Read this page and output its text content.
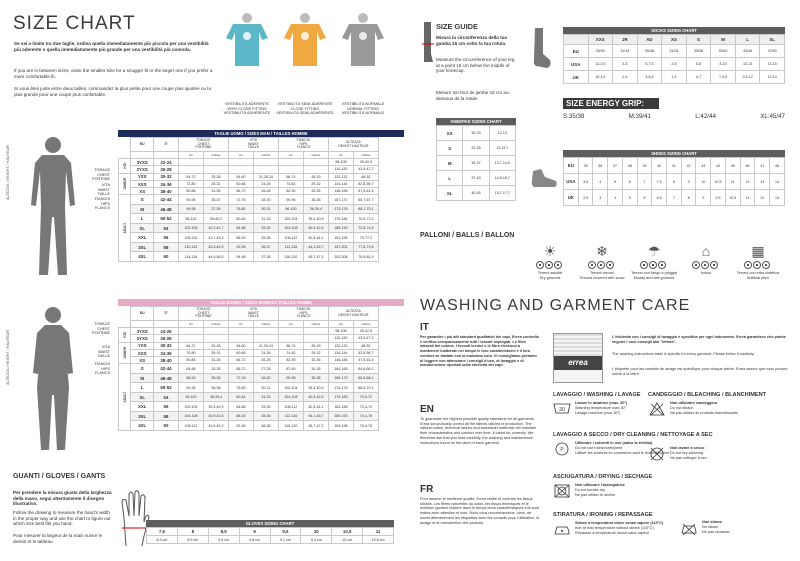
SIZE CHART
Se sei a limite tra due taglie, ordina quella immediatamente più piccola per una vestibilità più aderente o quella immediatamente più grande per una vestibilità più comoda.
If you are in between sizes, order the smaller size for a snugger fit or the larger one if you prefer a more comfortable fit.
Si vous êtes juste entre deux tailles, commandez la plus petite pour une coupe plus ajustée ou la plus grande pour une coupe plus confortable.
VESTIBILITÀ ADERENTE
VERY CLOSE FITTING
VESTIBILITÀ ADHÉRENTE
VESTIBILITÀ SEMI-ADERENTE
CLOSE FITTING
VESTIBILITÀ SEMI-ADHÉRENTE
VESTIBILITÀ NORMALE
NORMAL FITTING
VESTIBILITÀ NORMALE
ALTEZZA / HEIGHT / HAUTEUR
ALTEZZA / HEIGHT / HAUTEUR
TORACE
CHEST
POITRINE
VITA
WAIST
TAILLE
FIANCHI
HIPS
FLANCS
TORACE
CHEST
POITRINE
VITA
WAIST
TAILLE
FIANCHI
HIPS
FLANCS
TAGLIE UOMO / SIZES MAN / TAILLES HOMME
	EU	IT	TORACE
CHEST
POITRINE		VITA
WAIST
TAILLE		FIANCHI
HIPS
FLANCS		ALTEZZA
HEIGHT HAUTEUR	
			cm	inches	cm	inches	cm	inches	cm	inches
KID	3YXS	22-24							98-108	39-42,5
	2YXS	26-28							110-120	43,5-47,2
JUNIOR	YXS	30-32	64-72	25-28	54-60	21,26-24	66-74	26-29	122-132	48-52
	XXS	34-36	72-80	28-31	60-66	24-26	74-82	29-32	134-144	52,8-56,7
	XS	38-40	80-88	31-35	66-72	26-28	82-90	32-35	146-156	57,5-61,4
ADULT	S	42-44	90-94	35-37	72-76	28-30	90-96	35-38	167-172	65,7-67,7
	M	46-48	94-98	37-39	76-80	30-31	96-100	38-39,4	173-178	68,1-70,1
	L	50-52	98-102	39-40,2	80-84	31-33	100-104	39,4-40,9	179-184	70,5-72,4
	XL	54	102-106	40,2-41,7	84-88	33-35	104-108	40,9-42,5	185-190	72,8-74,8
	XXL	56	106-110	41,7-43,3	88-92	35-36	108-112	42,5-44,1	191-196	75-77,2
	3XL	58	110-114	43,3-44,9	92-96	36-37	112-116	44,1-45,7	197-202	77,6-79,5
	4XL	60	114-118	44,9-46,5	94-98	37-38	116-120	45,7-47,2	203-208	79,9-81,9
TAGLIE DONNA / SIZES WOMAN / TAILLES FEMME
	EU	IT	TORACE
CHEST
POITRINE		VITA
WAIST
TAILLE		FIANCHI
HIPS
FLANCS		ALTEZZA
HEIGHT HAUTEUR	
			cm	inches	cm	inches	cm	inches	cm	inches
KID	3YXS	24-26							98-108	39-42,5
	2YXS	26-28							110-120	43,5-47,2
JUNIOR	YXS	30-32	64-72	25-28	54-60	21,26-24	66-74	26-29	122-132	48-52
	XXS	34-36	70-80	28-31	60-66	24-26	74-82	29-32	134-144	52,8-56,7
	XS	38-40	80-88	31-35	66-72	26-28	82-90	32-36	146-156	57,5-61,4
ADULT	S	42-44	84-88	33-35	68-72	27-28	87-90	34-35	164-168	64,6-66,1
	M	46-48	88-92	35-36	72-76	28-30	90-96	35-38	169-173	66,5-68,1
	L	50-52	92-96	36-38	76-80	30-31	100-104	39,4-40,9	174-178	68,5-70,1
	XL	54	96-100	38-39,4	80-84	31-33	104-108	40,9-42,5	179-183	70,5-72
	XXL	56	100-104	39,4-40,9	84-88	33-35	108-112	42,5-44,1	184-188	72,4-74
	3XL	58	104-108	40,9-42,5	88-92	35-36	112-116	44,1-45,7	189-193	74,4-76
	4XL	60	108-112	42,5-44,2	92-96	36-38	116-120	45,7-47,2	194-198	76,4-78
GUANTI / GLOVES / GANTS
Per prendere la misura giusta della larghezza della mano, segui attentamente il disegno illustrativo.
Follow the drawing to measure the hand's width in the proper way and use the chart to figure out which size best fits you hand.
Pour mesurer la largeur de la main suivre le dessin et le tableau.
GLOVES SIZING CHART
7,5	8	8,5	9	9,5	10	10,5	11
8,3 cm	8,9 cm	9,5 cm	9,8 cm	9,1 cm	9,4 cm	10 cm	10,5 cm
SIZE GUIDE
Misura la circonferenza della tua gamba 15 cm sotto la tua rotula.
Measure the circumference of your leg at a point 15 cm below the middle of your kneecap.
Mesure ton tour de jambe 15 cm au-dessous de la rotule.
KNEEPAD SIZING CHART
XS	30-33	12-13
S	33-35	13-13,7
M	35-37	13,7-14,5
L	37-40	14,5-15,7
XL	40-45	15,7-17,7
SOCKS SIZING CHART
	XXS	JR	AD	XS	S	M	L	XL
EU	25/30	31/34	35/38	31/34	35/38	39/42	43/46	47/50
USA	13-2,5	3-5	5-7,5	2-5	5-8	8-10	10-13	13-15
UK	10-1,5	2-4	4-6,5	1-4	4-7	7-9,5	9,5-12	12-14
SIZE ENERGY GRIP:
S:35/38	M:39/41	L:42/44	XL:45/47
SHOES SIZING CHART
EU	35	36	37	38	39	40	41	42	43	44	45	46	47	48
USA	3,5	4	5	6	7	7,5	8	9	10	10,5	11	12	13	14
UK	2,5	3	4	5	6	6,5	7	8	9	9,5	10,5	11	12	13
PALLONI / BALLS / BALLON
☀
Terreni asciutti
Dry grounds
❄
Terreni nevosi
Ground covered with snow
☂
Terreni con fango e pioggia
Muddy and wet grounds
⌂
Indoor
▦
Terreni con erba sintetica
Artificial pitch
WASHING AND GARMENT CARE
IT
Per garantire i più alti standard qualitativi dei capi, Errea controlla e verifica scrupolosamente tutti i tessuti impiegati. Le fibre naturali del cotone, i tessuti tecnici e le fibre riescono a mantenere inalterate nel tempo le loro caratteristiche e il loro comfort se trattate con la massima cura. Vi consigliamo pertanto di leggere con attenzione i consigli d'uso, di lavaggio e di manutenzione riportati sulla etichetta dei capi.
EN
To guarantee the highest possible quality standards for all garments, Erreà scrupulously control all the fabrics utilized in production. The natural cotton, technical fabrics and sweatshirt materials will maintain their characteristics and comfort over time, if cared for correctly. We therefore ask that you read carefully, the washing and maintenance instructions found on the label of each garment.
FR
Pour assurer le meilleure qualité, Erreà vérifie et contrôle les tissus utilisés. Les fibres naturelles du coton, les tissus techniques et le molleton gardent inaltéré dans le temps leurs caractéristiques s'ils sont traités avec attention et soin. Nous vous recommandons, donc, de suivre attentivement les étiquettes avec les conseils pour l'utilisation, le lavage et la manutention des produits.
errea
L'etichetta con i consigli di lavaggio è specifica per ogni indumento. Erreà garantisce che potete seguire i suoi consigli alla "lettera".
The washing instructions label is specific for every garment. Please follow it carefully.
L'étiquette pour les conseils de lavage est spécifique pour chaque article. Erreà assure que vous pouvez suivre à la lettre.
LAVAGGIO / WASHING / LAVAGE
30
Lavare in lavatrice (max. 30°)
Washing temperature max 30°
Lavage machine (max 30°)
CANDEGGIO / BLEACHING / BLANCHIMENT
Non utilizzare candeggina
Do not bleach
Ne pas utiliser de produits blanchissants
LAVAGGIO A SECCO / DRY CLEANING / NETTOYAGE A SEC
P
Utilizzare i solventi in uso (salvo la trielina)
Do not use trichloroethylene
Utiliser les solvents en commerce sauf le trichloéthylène
Non lavare a secco
Do not dry-cleaning
Ne pas nettoyer à sec
ASCIUGATURA / DRYING / SECHAGE
Non utilizzare l'asciugatrice
Do not tumble dry
Ne pas utiliser le sécher
STIRATURA / IRONING / REPASSAGE
Stirare a temperatura dolce senza vapore (110°C)
Iron at mild temperature without steam (110°C)
Repasser à température douce sans vapeur
Non stirare
No steam
Ne pas repasser
